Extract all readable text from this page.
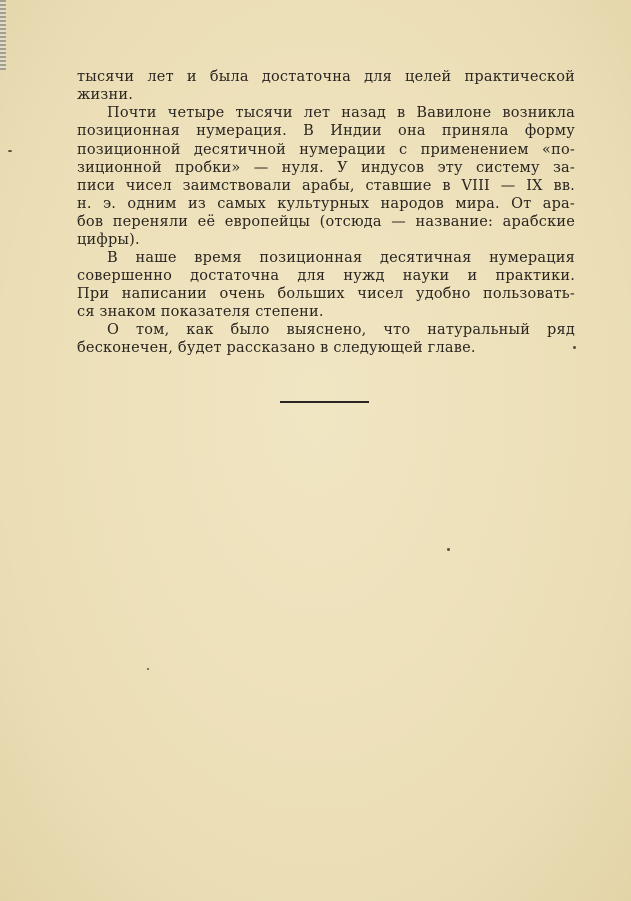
тысячи лет и была достаточна для целей практической
жизни.
Почти четыре тысячи лет назад в Вавилоне возникла
позиционная нумерация. В Индии она приняла форму
позиционной десятичной нумерации с применением «по-
зиционной пробки» — нуля. У индусов эту систему за-
писи чисел заимствовали арабы, ставшие в VIII — IX вв.
н. э. одним из самых культурных народов мира. От ара-
бов переняли её европейцы (отсюда — название: арабские
цифры).
В наше время позиционная десятичная нумерация
совершенно достаточна для нужд науки и практики.
При написании очень больших чисел удобно пользовать-
ся знаком показателя степени.
О том, как было выяснено, что натуральный ряд
бесконечен, будет рассказано в следующей главе.
